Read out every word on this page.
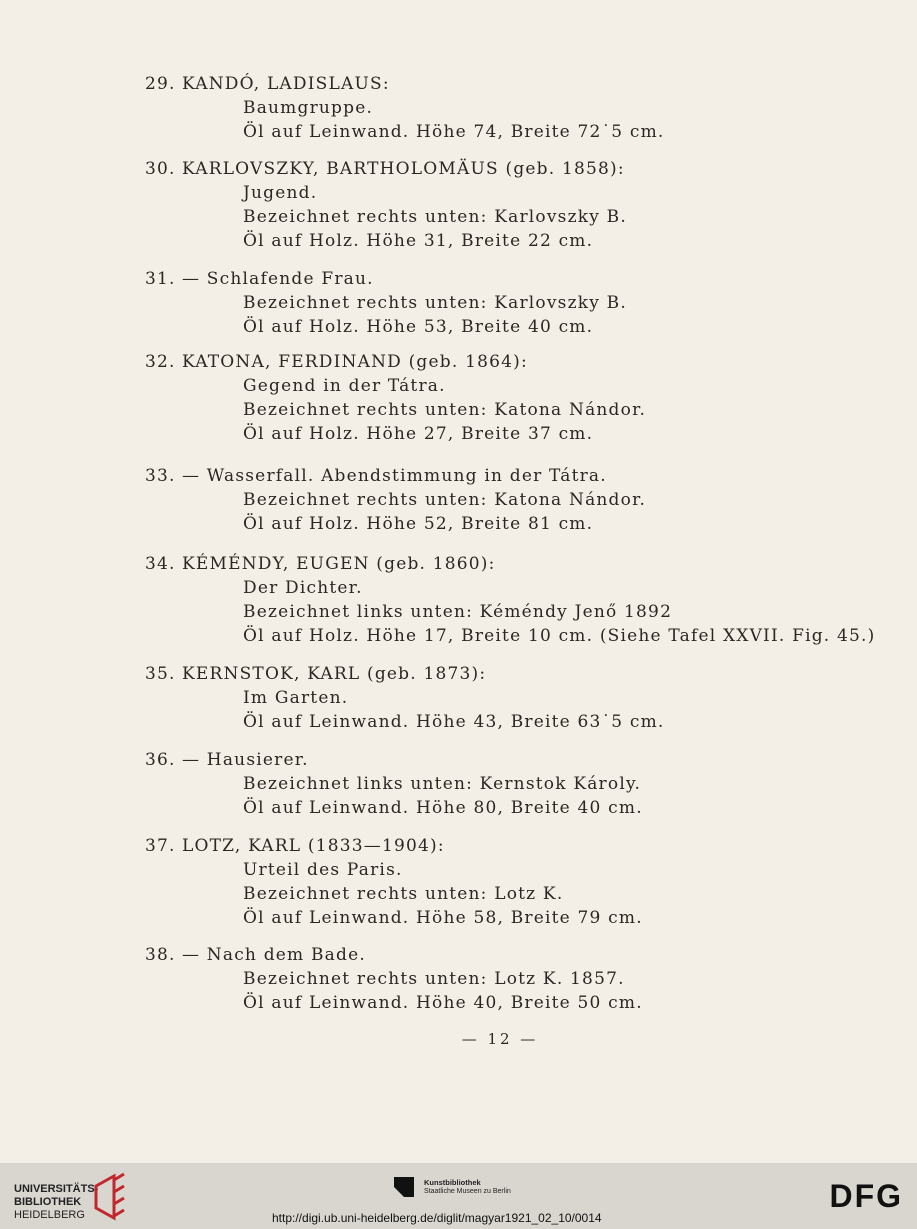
29. KANDÓ, LADISLAUS:
Baumgruppe.
Öl auf Leinwand. Höhe 74, Breite 72˙5 cm.
30. KARLOVSZKY, BARTHOLOMÄUS (geb. 1858):
Jugend.
Bezeichnet rechts unten: Karlovszky B.
Öl auf Holz. Höhe 31, Breite 22 cm.
31. — Schlafende Frau.
Bezeichnet rechts unten: Karlovszky B.
Öl auf Holz. Höhe 53, Breite 40 cm.
32. KATONA, FERDINAND (geb. 1864):
Gegend in der Tátra.
Bezeichnet rechts unten: Katona Nándor.
Öl auf Holz. Höhe 27, Breite 37 cm.
33. — Wasserfall. Abendstimmung in der Tátra.
Bezeichnet rechts unten: Katona Nándor.
Öl auf Holz. Höhe 52, Breite 81 cm.
34. KÉMÉNDY, EUGEN (geb. 1860):
Der Dichter.
Bezeichnet links unten: Kéméndy Jenő 1892
Öl auf Holz. Höhe 17, Breite 10 cm. (Siehe Tafel XXVII. Fig. 45.)
35. KERNSTOK, KARL (geb. 1873):
Im Garten.
Öl auf Leinwand. Höhe 43, Breite 63˙5 cm.
36. — Hausierer.
Bezeichnet links unten: Kernstok Károly.
Öl auf Leinwand. Höhe 80, Breite 40 cm.
37. LOTZ, KARL (1833—1904):
Urteil des Paris.
Bezeichnet rechts unten: Lotz K.
Öl auf Leinwand. Höhe 58, Breite 79 cm.
38. — Nach dem Bade.
Bezeichnet rechts unten: Lotz K. 1857.
Öl auf Leinwand. Höhe 40, Breite 50 cm.
— 12 —
UNIVERSITÄTS-
BIBLIOTHEK
HEIDELBERG
Kunstbibliothek
Staatliche Museen zu Berlin	DFG
http://digi.ub.uni-heidelberg.de/diglit/magyar1921_02_10/0014
